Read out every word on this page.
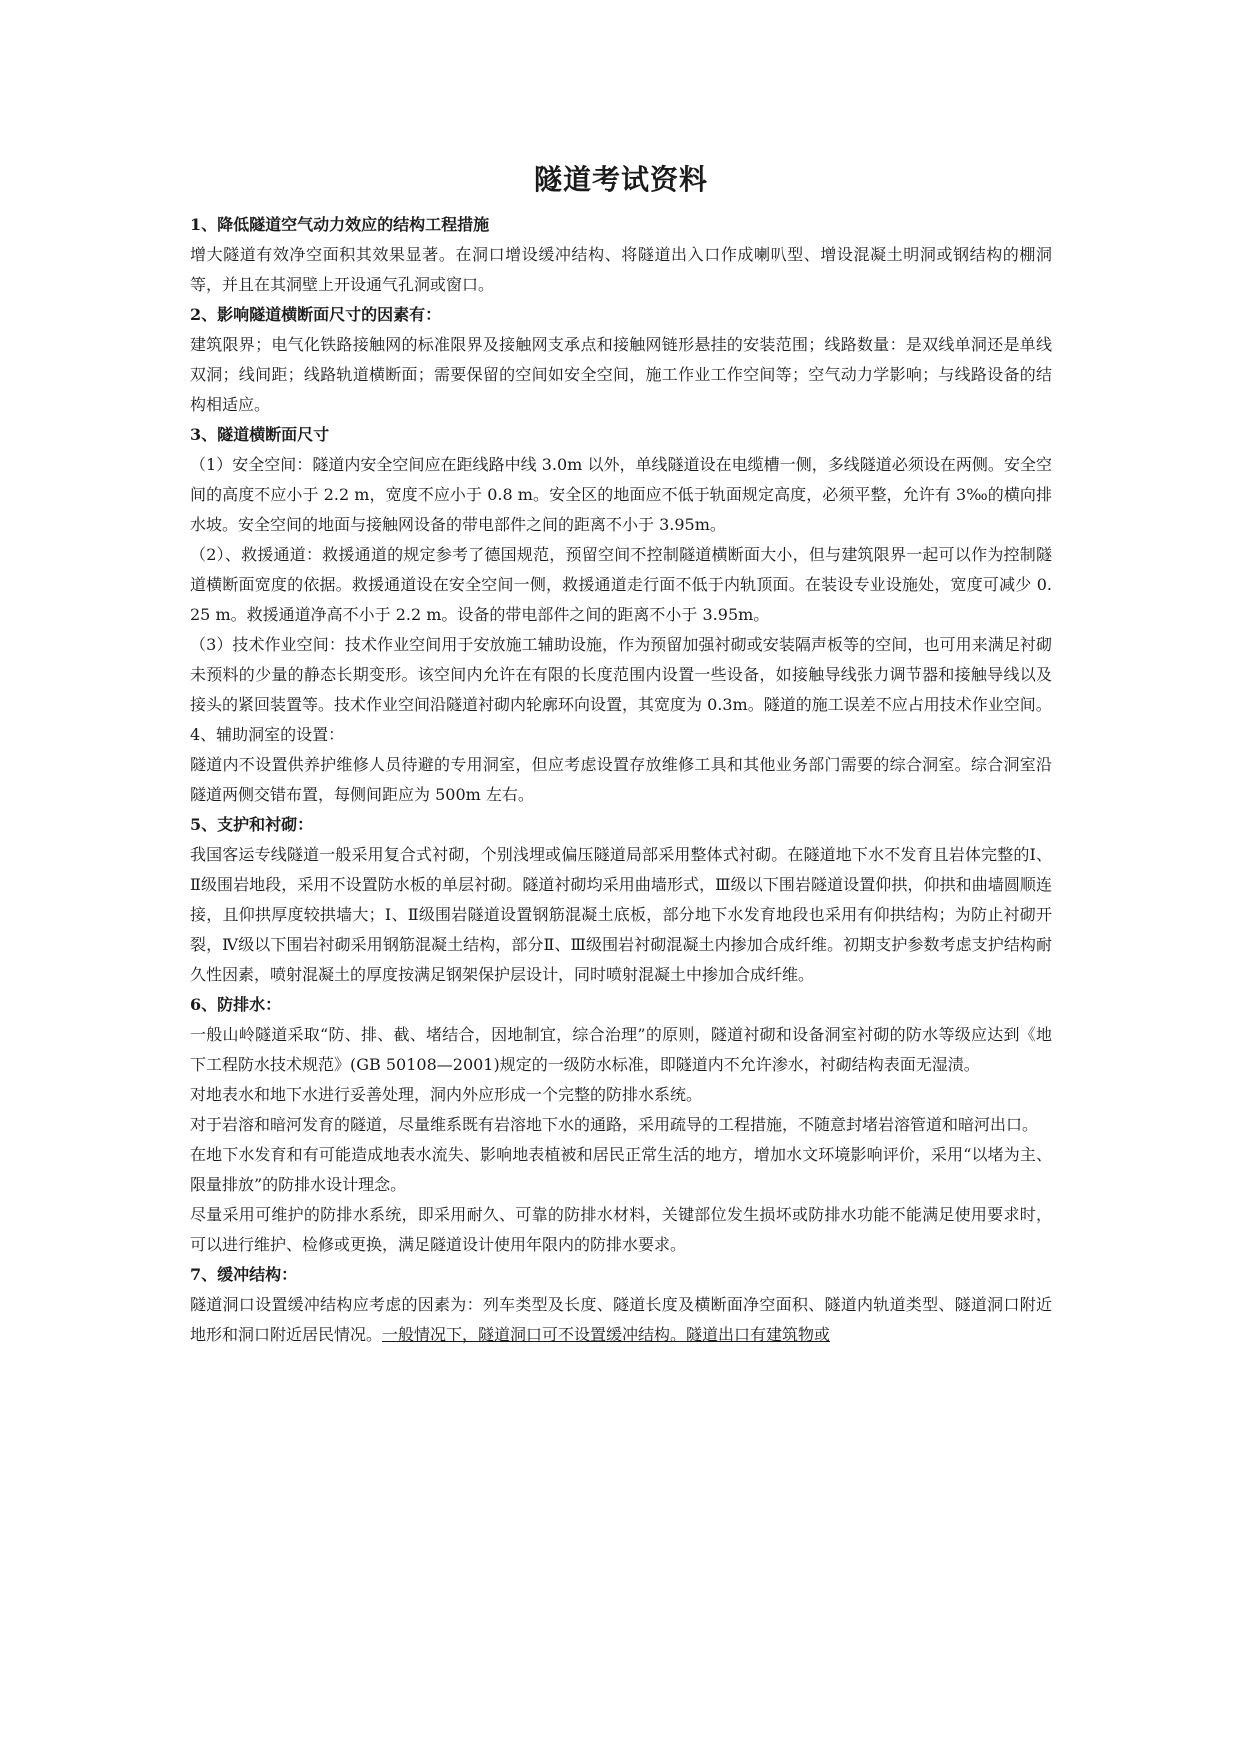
隧道考试资料
1、降低隧道空气动力效应的结构工程措施

增大隧道有效净空面积其效果显著。在洞口增设缓冲结构、将隧道出入口作成喇叭型、增设混凝土明洞或钢结构的棚洞等，并且在其洞壁上开设通气孔洞或窗口。

2、影响隧道横断面尺寸的因素有：

建筑限界；电气化铁路接触网的标准限界及接触网支承点和接触网链形悬挂的安装范围；线路数量：是双线单洞还是单线双洞；线间距；线路轨道横断面；需要保留的空间如安全空间，施工作业工作空间等；空气动力学影响；与线路设备的结构相适应。

3、隧道横断面尺寸

（1）安全空间：隧道内安全空间应在距线路中线 3.0m 以外，单线隧道设在电缆槽一侧，多线隧道必须设在两侧。安全空间的高度不应小于 2.2 m，宽度不应小于 0.8 m。安全区的地面应不低于轨面规定高度，必须平整，允许有 3‰的横向排水坡。安全空间的地面与接触网设备的带电部件之间的距离不小于 3.95m。

（2）、救援通道：救援通道的规定参考了德国规范，预留空间不控制隧道横断面大小，但与建筑限界一起可以作为控制隧道横断面宽度的依据。救援通道设在安全空间一侧，救援通道走行面不低于内轨顶面。在装设专业设施处，宽度可减少 0.25 m。救援通道净高不小于 2.2 m。设备的带电部件之间的距离不小于 3.95m。

（3）技术作业空间：技术作业空间用于安放施工辅助设施，作为预留加强衬砌或安装隔声板等的空间，也可用来满足衬砌未预料的少量的静态长期变形。该空间内允许在有限的长度范围内设置一些设备，如接触导线张力调节器和接触导线以及接头的紧回装置等。技术作业空间沿隧道衬砌内轮廓环向设置，其宽度为 0.3m。隧道的施工误差不应占用技术作业空间。

4、辅助洞室的设置：

隧道内不设置供养护维修人员待避的专用洞室，但应考虑设置存放维修工具和其他业务部门需要的综合洞室。综合洞室沿隧道两侧交错布置，每侧间距应为 500m 左右。

5、支护和衬砌：

我国客运专线隧道一般采用复合式衬砌，个别浅埋或偏压隧道局部采用整体式衬砌。在隧道地下水不发育且岩体完整的Ⅰ、Ⅱ级围岩地段，采用不设置防水板的单层衬砌。隧道衬砌均采用曲墙形式，Ⅲ级以下围岩隧道设置仰拱，仰拱和曲墙圆顺连接，且仰拱厚度较拱墙大；Ⅰ、Ⅱ级围岩隧道设置钢筋混凝土底板，部分地下水发育地段也采用有仰拱结构；为防止衬砌开裂，Ⅳ级以下围岩衬砌采用钢筋混凝土结构，部分Ⅱ、Ⅲ级围岩衬砌混凝土内掺加合成纤维。初期支护参数考虑支护结构耐久性因素，喷射混凝土的厚度按满足钢架保护层设计，同时喷射混凝土中掺加合成纤维。

6、防排水：

一般山岭隧道采取“防、排、截、堵结合，因地制宜，综合治理”的原则，隧道衬砌和设备洞室衬砌的防水等级应达到《地下工程防水技术规范》(GB 50108—2001)规定的一级防水标准，即隧道内不允许渗水，衬砌结构表面无湿渍。

对地表水和地下水进行妥善处理，洞内外应形成一个完整的防排水系统。

对于岩溶和暗河发育的隧道，尽量维系既有岩溶地下水的通路，采用疏导的工程措施，不随意封堵岩溶管道和暗河出口。

在地下水发育和有可能造成地表水流失、影响地表植被和居民正常生活的地方，增加水文环境影响评价，采用“以堵为主、限量排放”的防排水设计理念。

尽量采用可维护的防排水系统，即采用耐久、可靠的防排水材料，关键部位发生损坏或防排水功能不能满足使用要求时，可以进行维护、检修或更换，满足隧道设计使用年限内的防排水要求。

7、缓冲结构：

隧道洞口设置缓冲结构应考虑的因素为：列车类型及长度、隧道长度及横断面净空面积、隧道内轨道类型、隧道洞口附近地形和洞口附近居民情况。一般情况下，隧道洞口可不设置缓冲结构。隧道出口有建筑物或
